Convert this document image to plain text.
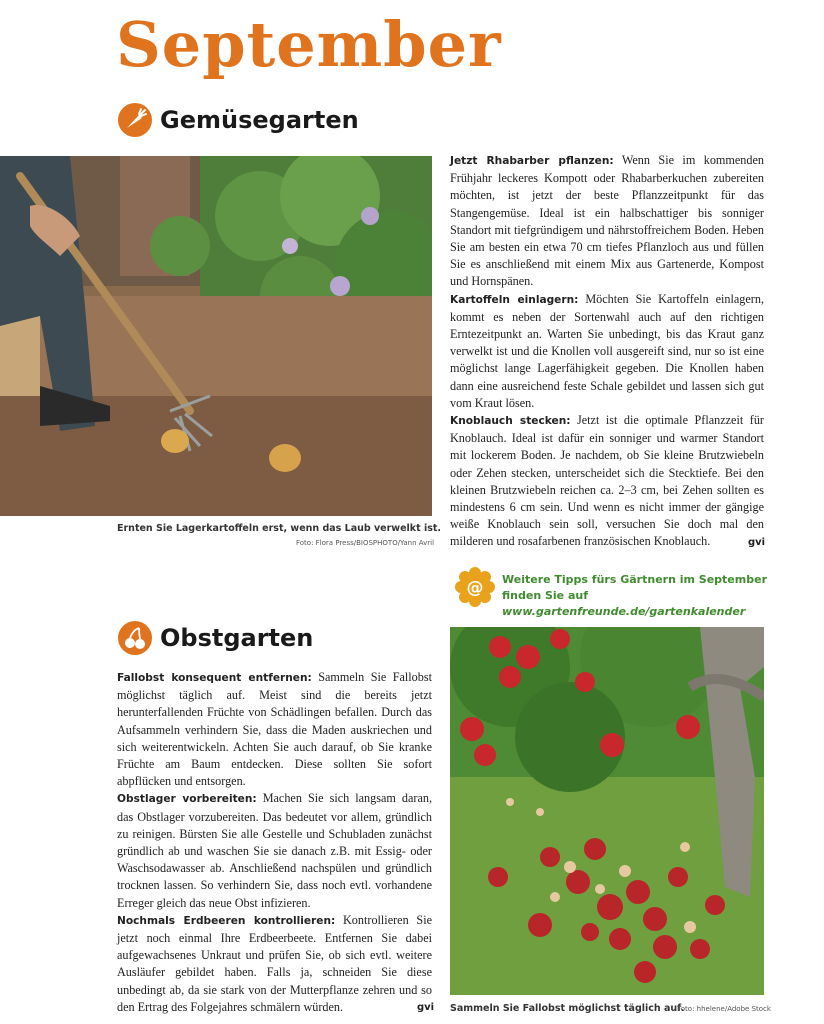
September
Gemüsegarten
Ernten Sie Lagerkartoffeln erst, wenn das Laub verwelkt ist.
Foto: Flora Press/BIOSPHOTO/Yann Avril

Jetzt Rhabarber pflanzen: Wenn Sie im kommenden Frühjahr leckeres Kompott oder Rhabarberkuchen zubereiten möchten, ist jetzt der beste Pflanzzeitpunkt für das Stangengemüse. Ideal ist ein halbschattiger bis sonniger Standort mit tiefgründigem und nährstoffreichem Boden. Heben Sie am besten ein etwa 70 cm tiefes Pflanzloch aus und füllen Sie es anschließend mit einem Mix aus Gartenerde, Kompost und Hornspänen.

Kartoffeln einlagern: Möchten Sie Kartoffeln einlagern, kommt es neben der Sortenwahl auch auf den richtigen Erntezeitpunkt an. Warten Sie unbedingt, bis das Kraut ganz verwelkt ist und die Knollen voll ausgereift sind, nur so ist eine möglichst lange Lagerfähigkeit gegeben. Die Knollen haben dann eine ausreichend feste Schale gebildet und lassen sich gut vom Kraut lösen.

Knoblauch stecken: Jetzt ist die optimale Pflanzzeit für Knoblauch. Ideal ist dafür ein sonniger und warmer Standort mit lockerem Boden. Je nachdem, ob Sie kleine Brutzwiebeln oder Zehen stecken, unterscheidet sich die Stecktiefe. Bei den kleinen Brutzwiebeln reichen ca. 2–3 cm, bei Zehen sollten es mindestens 6 cm sein. Und wenn es nicht immer der gängige weiße Knoblauch sein soll, versuchen Sie doch mal den milderen und rosafarbenen französischen Knoblauch.	gvi
@ Weitere Tipps fürs Gärtnern im September
finden Sie auf www.gartenfreunde.de/gartenkalender
Obstgarten

Fallobst konsequent entfernen: Sammeln Sie Fallobst möglichst täglich auf. Meist sind die bereits jetzt herunterfallenden Früchte von Schädlingen befallen. Durch das Aufsammeln verhindern Sie, dass die Maden auskriechen und sich weiterentwickeln. Achten Sie auch darauf, ob Sie kranke Früchte am Baum entdecken. Diese sollten Sie sofort abpflücken und entsorgen.

Obstlager vorbereiten: Machen Sie sich langsam daran, das Obstlager vorzubereiten. Das bedeutet vor allem, gründlich zu reinigen. Bürsten Sie alle Gestelle und Schubladen zunächst gründlich ab und waschen Sie sie danach z.B. mit Essig- oder Waschsodawasser ab. Anschließend nachspülen und gründlich trocknen lassen. So verhindern Sie, dass noch evtl. vorhandene Erreger gleich das neue Obst infizieren.

Nochmals Erdbeeren kontrollieren: Kontrollieren Sie jetzt noch einmal Ihre Erdbeerbeete. Entfernen Sie dabei aufgewachsenes Unkraut und prüfen Sie, ob sich evtl. weitere Ausläufer gebildet haben. Falls ja, schneiden Sie diese unbedingt ab, da sie stark von der Mutterpflanze zehren und so den Ertrag des Folgejahres schmälern würden.	gvi Sammeln Sie Fallobst möglichst täglich auf.
Foto: hhelene/Adobe Stock
